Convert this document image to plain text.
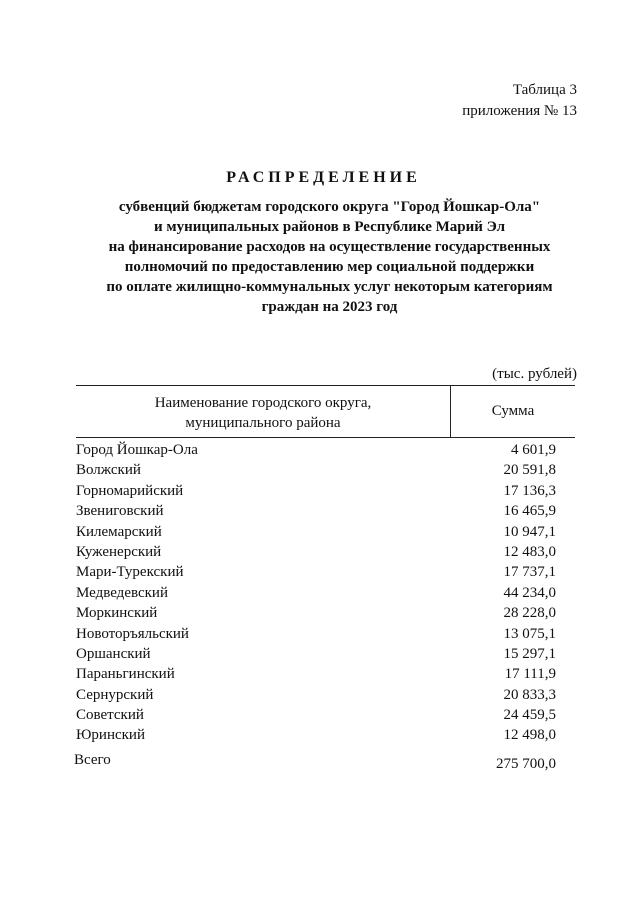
Таблица 3
приложения № 13
РАСПРЕДЕЛЕНИЕ
субвенций бюджетам городского округа "Город Йошкар-Ола"
и муниципальных районов в Республике Марий Эл
на финансирование расходов на осуществление государственных
полномочий по предоставлению мер социальной поддержки
по оплате жилищно-коммунальных услуг некоторым категориям
граждан на 2023 год
(тыс. рублей)
Наименование городского округа,
муниципального района
Сумма
Город Йошкар-Ола	4 601,9
Волжский	20 591,8
Горномарийский	17 136,3
Звениговский	16 465,9
Килемарский	10 947,1
Куженерский	12 483,0
Мари-Турекский	17 737,1
Медведевский	44 234,0
Моркинский	28 228,0
Новоторъяльский	13 075,1
Оршанский	15 297,1
Параньгинский	17 111,9
Сернурский	20 833,3
Советский	24 459,5
Юринский	12 498,0
Всего	275 700,0
